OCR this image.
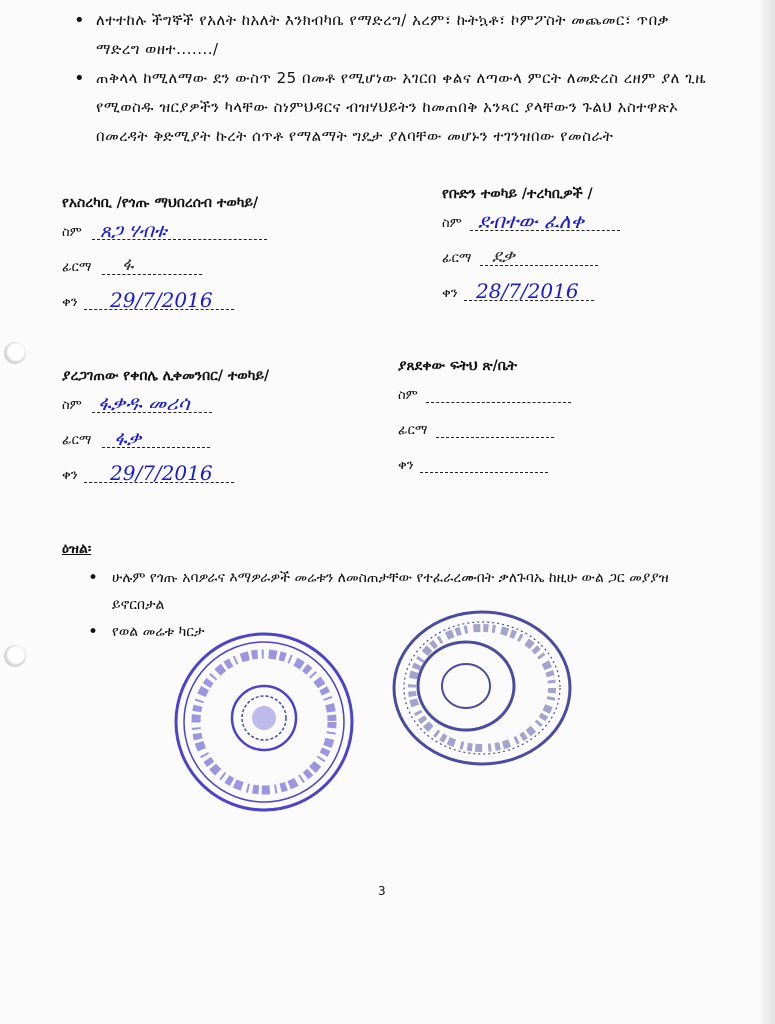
• ለተተከሉ ችግኞች የአለት ከአለት እንክብካቤ የማድረግ/ አረም፣ ኩትኳቶ፣ ኮምፖስት መጨመር፣ ጥበቃ ማድረግ ወዘተ......./
• ጠቅላላ ከሚለማው ደን ውስጥ 25 በመቶ የሚሆነው አገርበ ቀልና ለጣውላ ምርት ለመድረስ ረዘም ያለ ጊዜ የሚወስዱ ዝርያዎችን ካላቸው ስነምህዳርና ብዝሃህይትን ከመጠበቅ አንጻር ያላቸውን ጉልህ አስተዋጽኦ በመረዳት ቅድሚያት ኩረት ሰጥቶ የማልማት ግዴታ ያለባቸው መሆኑን ተገንዝበው የመስራት

የአስረካቢ /የጎጡ ማህበረሰብ ተወካይ/

ስም ጸጋ ሃብቱ
ፊርማ ፋ
ቀን 29/7/2016

የቡድን ተወካይ /ተረካቢዎች /

ስም ደብተው ፈለቀ
ፊርማ ደቃ
ቀን 28/7/2016

ያረጋገጠው የቀበሌ ሊቀመንበር/ ተወካይ/

ስም ፋቃዱ መሪሳ
ፊርማ ፋቃ
ቀን 29/7/2016

ያጸደቀው ፍትህ ጽ/ቤት

ስም
ፊርማ
ቀን
ዕዝል፡
• ሁሉም የጎጡ አባዎራና እማዎራዎች መሬቱን ለመስጠታቸው የተፈራረሙበት ቃለጉባኤ ከዚሁ ውል ጋር መያያዝ ይኖርበታል
• የወል መሬቱ ካርታ
3
